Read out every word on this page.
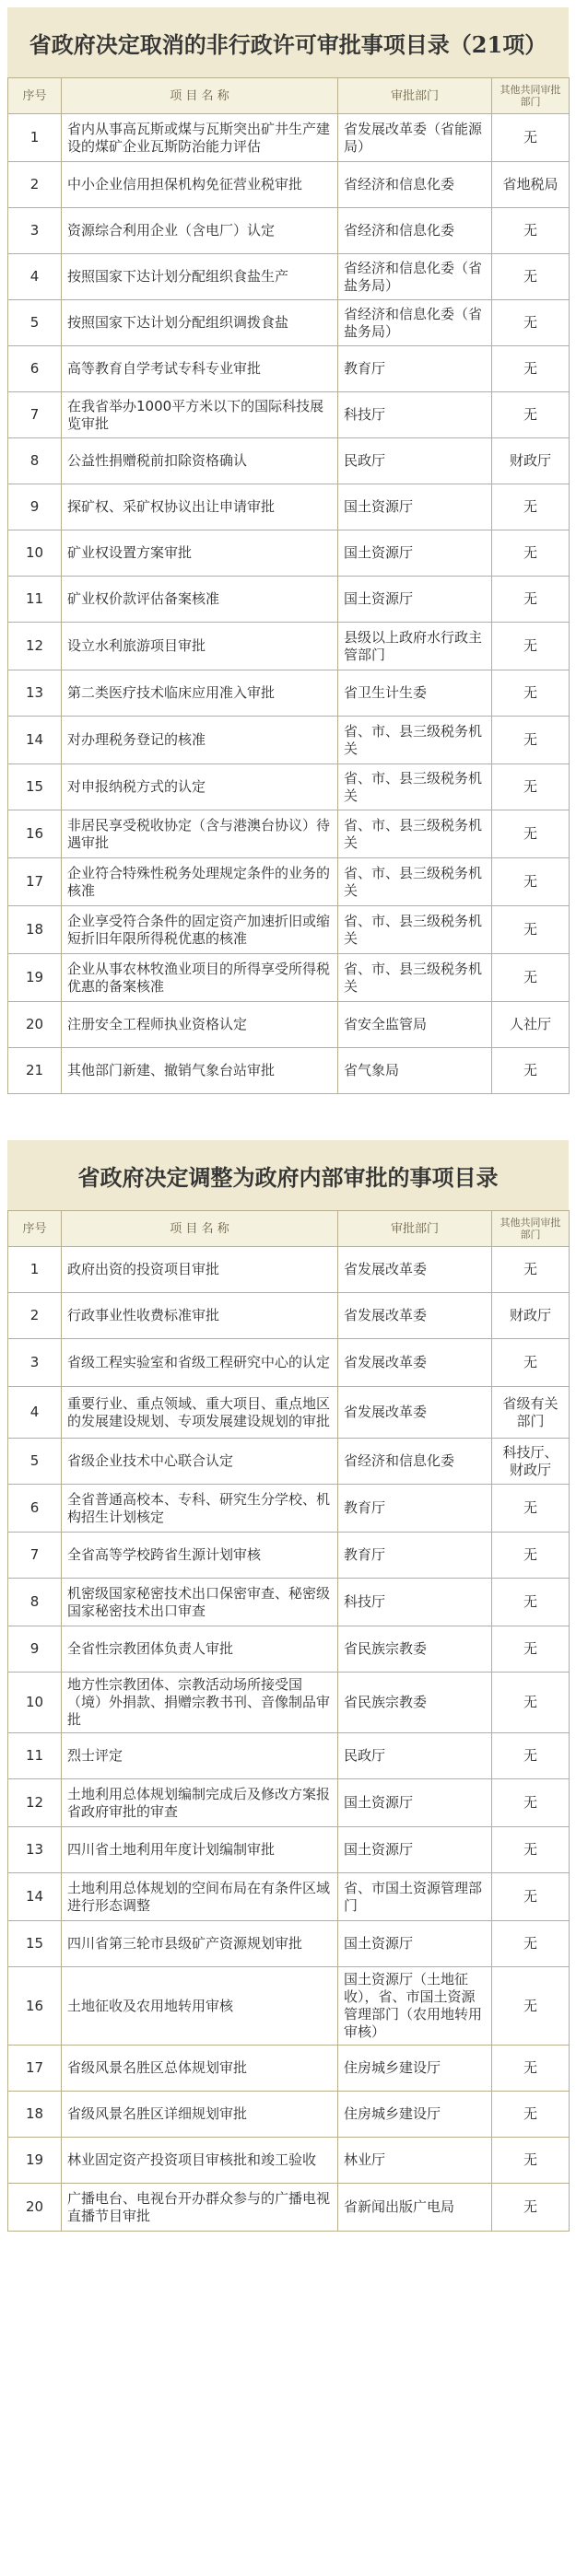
省政府决定取消的非行政许可审批事项目录（21项）
序号	项 目 名 称	审批部门	其他共同审批部门
1	省内从事高瓦斯或煤与瓦斯突出矿井生产建设的煤矿企业瓦斯防治能力评估	省发展改革委（省能源局）	无
2	中小企业信用担保机构免征营业税审批	省经济和信息化委	省地税局
3	资源综合利用企业（含电厂）认定	省经济和信息化委	无
4	按照国家下达计划分配组织食盐生产	省经济和信息化委（省盐务局）	无
5	按照国家下达计划分配组织调拨食盐	省经济和信息化委（省盐务局）	无
6	高等教育自学考试专科专业审批	教育厅	无
7	在我省举办1000平方米以下的国际科技展览审批	科技厅	无
8	公益性捐赠税前扣除资格确认	民政厅	财政厅
9	探矿权、采矿权协议出让申请审批	国土资源厅	无
10	矿业权设置方案审批	国土资源厅	无
11	矿业权价款评估备案核准	国土资源厅	无
12	设立水利旅游项目审批	县级以上政府水行政主管部门	无
13	第二类医疗技术临床应用准入审批	省卫生计生委	无
14	对办理税务登记的核准	省、市、县三级税务机关	无
15	对申报纳税方式的认定	省、市、县三级税务机关	无
16	非居民享受税收协定（含与港澳台协议）待遇审批	省、市、县三级税务机关	无
17	企业符合特殊性税务处理规定条件的业务的核准	省、市、县三级税务机关	无
18	企业享受符合条件的固定资产加速折旧或缩短折旧年限所得税优惠的核准	省、市、县三级税务机关	无
19	企业从事农林牧渔业项目的所得享受所得税优惠的备案核准	省、市、县三级税务机关	无
20	注册安全工程师执业资格认定	省安全监管局	人社厅
21	其他部门新建、撤销气象台站审批	省气象局	无
省政府决定调整为政府内部审批的事项目录
序号	项 目 名 称	审批部门	其他共同审批部门
1	政府出资的投资项目审批	省发展改革委	无
2	行政事业性收费标准审批	省发展改革委	财政厅
3	省级工程实验室和省级工程研究中心的认定	省发展改革委	无
4	重要行业、重点领域、重大项目、重点地区的发展建设规划、专项发展建设规划的审批	省发展改革委	省级有关部门
5	省级企业技术中心联合认定	省经济和信息化委	科技厅、财政厅
6	全省普通高校本、专科、研究生分学校、机构招生计划核定	教育厅	无
7	全省高等学校跨省生源计划审核	教育厅	无
8	机密级国家秘密技术出口保密审查、秘密级国家秘密技术出口审查	科技厅	无
9	全省性宗教团体负责人审批	省民族宗教委	无
10	地方性宗教团体、宗教活动场所接受国（境）外捐款、捐赠宗教书刊、音像制品审批	省民族宗教委	无
11	烈士评定	民政厅	无
12	土地利用总体规划编制完成后及修改方案报省政府审批的审查	国土资源厅	无
13	四川省土地利用年度计划编制审批	国土资源厅	无
14	土地利用总体规划的空间布局在有条件区域进行形态调整	省、市国土资源管理部门	无
15	四川省第三轮市县级矿产资源规划审批	国土资源厅	无
16	土地征收及农用地转用审核	国土资源厅（土地征收），省、市国土资源管理部门（农用地转用审核）	无
17	省级风景名胜区总体规划审批	住房城乡建设厅	无
18	省级风景名胜区详细规划审批	住房城乡建设厅	无
19	林业固定资产投资项目审核批和竣工验收	林业厅	无
20	广播电台、电视台开办群众参与的广播电视直播节目审批	省新闻出版广电局	无
